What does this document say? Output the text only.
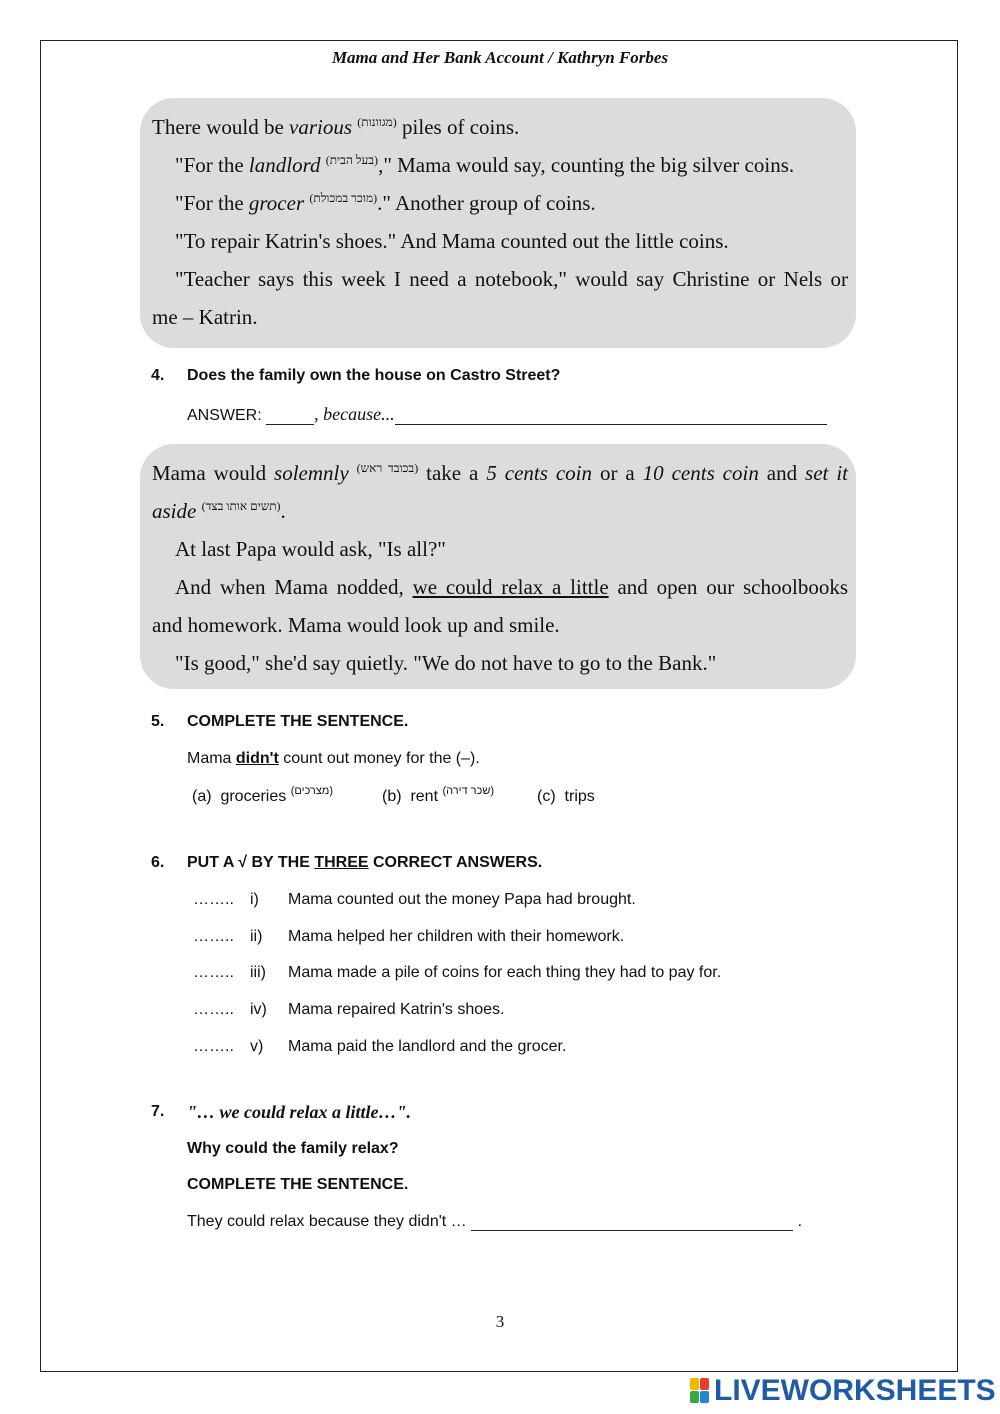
Mama and Her Bank Account / Kathryn Forbes

There would be various $^{(מגוונות)}$ piles of coins.

"For the landlord $^{(בעל הבית)}$," Mama would say, counting the big silver coins.

"For the grocer $^{(מוכר במכולת)}$." Another group of coins.

"To repair Katrin's shoes." And Mama counted out the little coins.

"Teacher says this week I need a notebook," would say Christine or Nels or

me – Katrin.

4. Does the family own the house on Castro Street?
ANSWER:	, because...

Mama would solemnly $^{(בכובד ראש)}$ take a 5 cents coin or a 10 cents coin and set it

aside $^{(תשים אותו בצד)}$.

At last Papa would ask, "Is all?"

And when Mama nodded, we could relax a little and open our schoolbooks

and homework. Mama would look up and smile.

"Is good," she'd say quietly. "We do not have to go to the Bank."

5. COMPLETE THE SENTENCE.
Mama didn't count out money for the (–).
(a) groceries $^{(מצרכים)}$	(b) rent $^{(שכר דירה)}$	(c) trips
6. PUT A √ BY THE THREE CORRECT ANSWERS.
…….. i) Mama counted out the money Papa had brought.
…….. ii) Mama helped her children with their homework.
…….. iii) Mama made a pile of coins for each thing they had to pay for.
…….. iv) Mama repaired Katrin's shoes.
…….. v) Mama paid the landlord and the grocer.
7. "… we could relax a little…".
Why could the family relax?
COMPLETE THE SENTENCE.
They could relax because they didn't …	.
3
LIVEWORKSHEETS
